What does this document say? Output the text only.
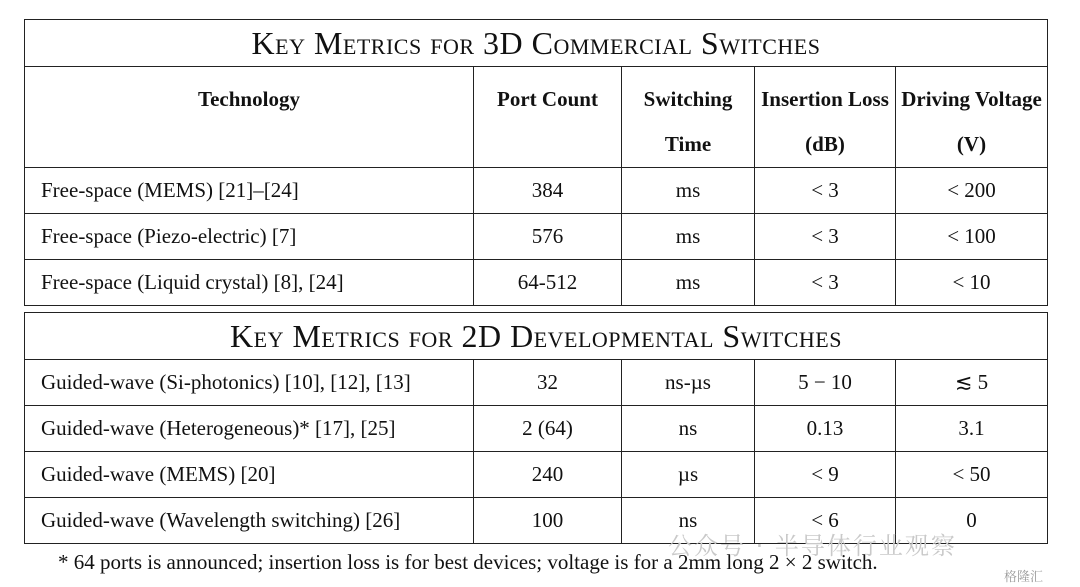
Key Metrics for 3D Commercial Switches				
Technology	Port Count	Switching Time	Insertion Loss (dB)	Driving Voltage (V)
Free-space (MEMS) [21]–[24]	384	ms	< 3	< 200
Free-space (Piezo-electric) [7]	576	ms	< 3	< 100
Free-space (Liquid crystal) [8], [24]	64-512	ms	< 3	< 10
Key Metrics for 2D Developmental Switches				
Guided-wave (Si-photonics) [10], [12], [13]	32	ns-µs	5 − 10	≲ 5
Guided-wave (Heterogeneous)* [17], [25]	2 (64)	ns	0.13	3.1
Guided-wave (MEMS) [20]	240	µs	< 9	< 50
Guided-wave (Wavelength switching) [26]	100	ns	< 6	0
* 64 ports is announced; insertion loss is for best devices; voltage is for a 2mm long 2 × 2 switch.
公众号 · 半导体行业观察
格隆汇
